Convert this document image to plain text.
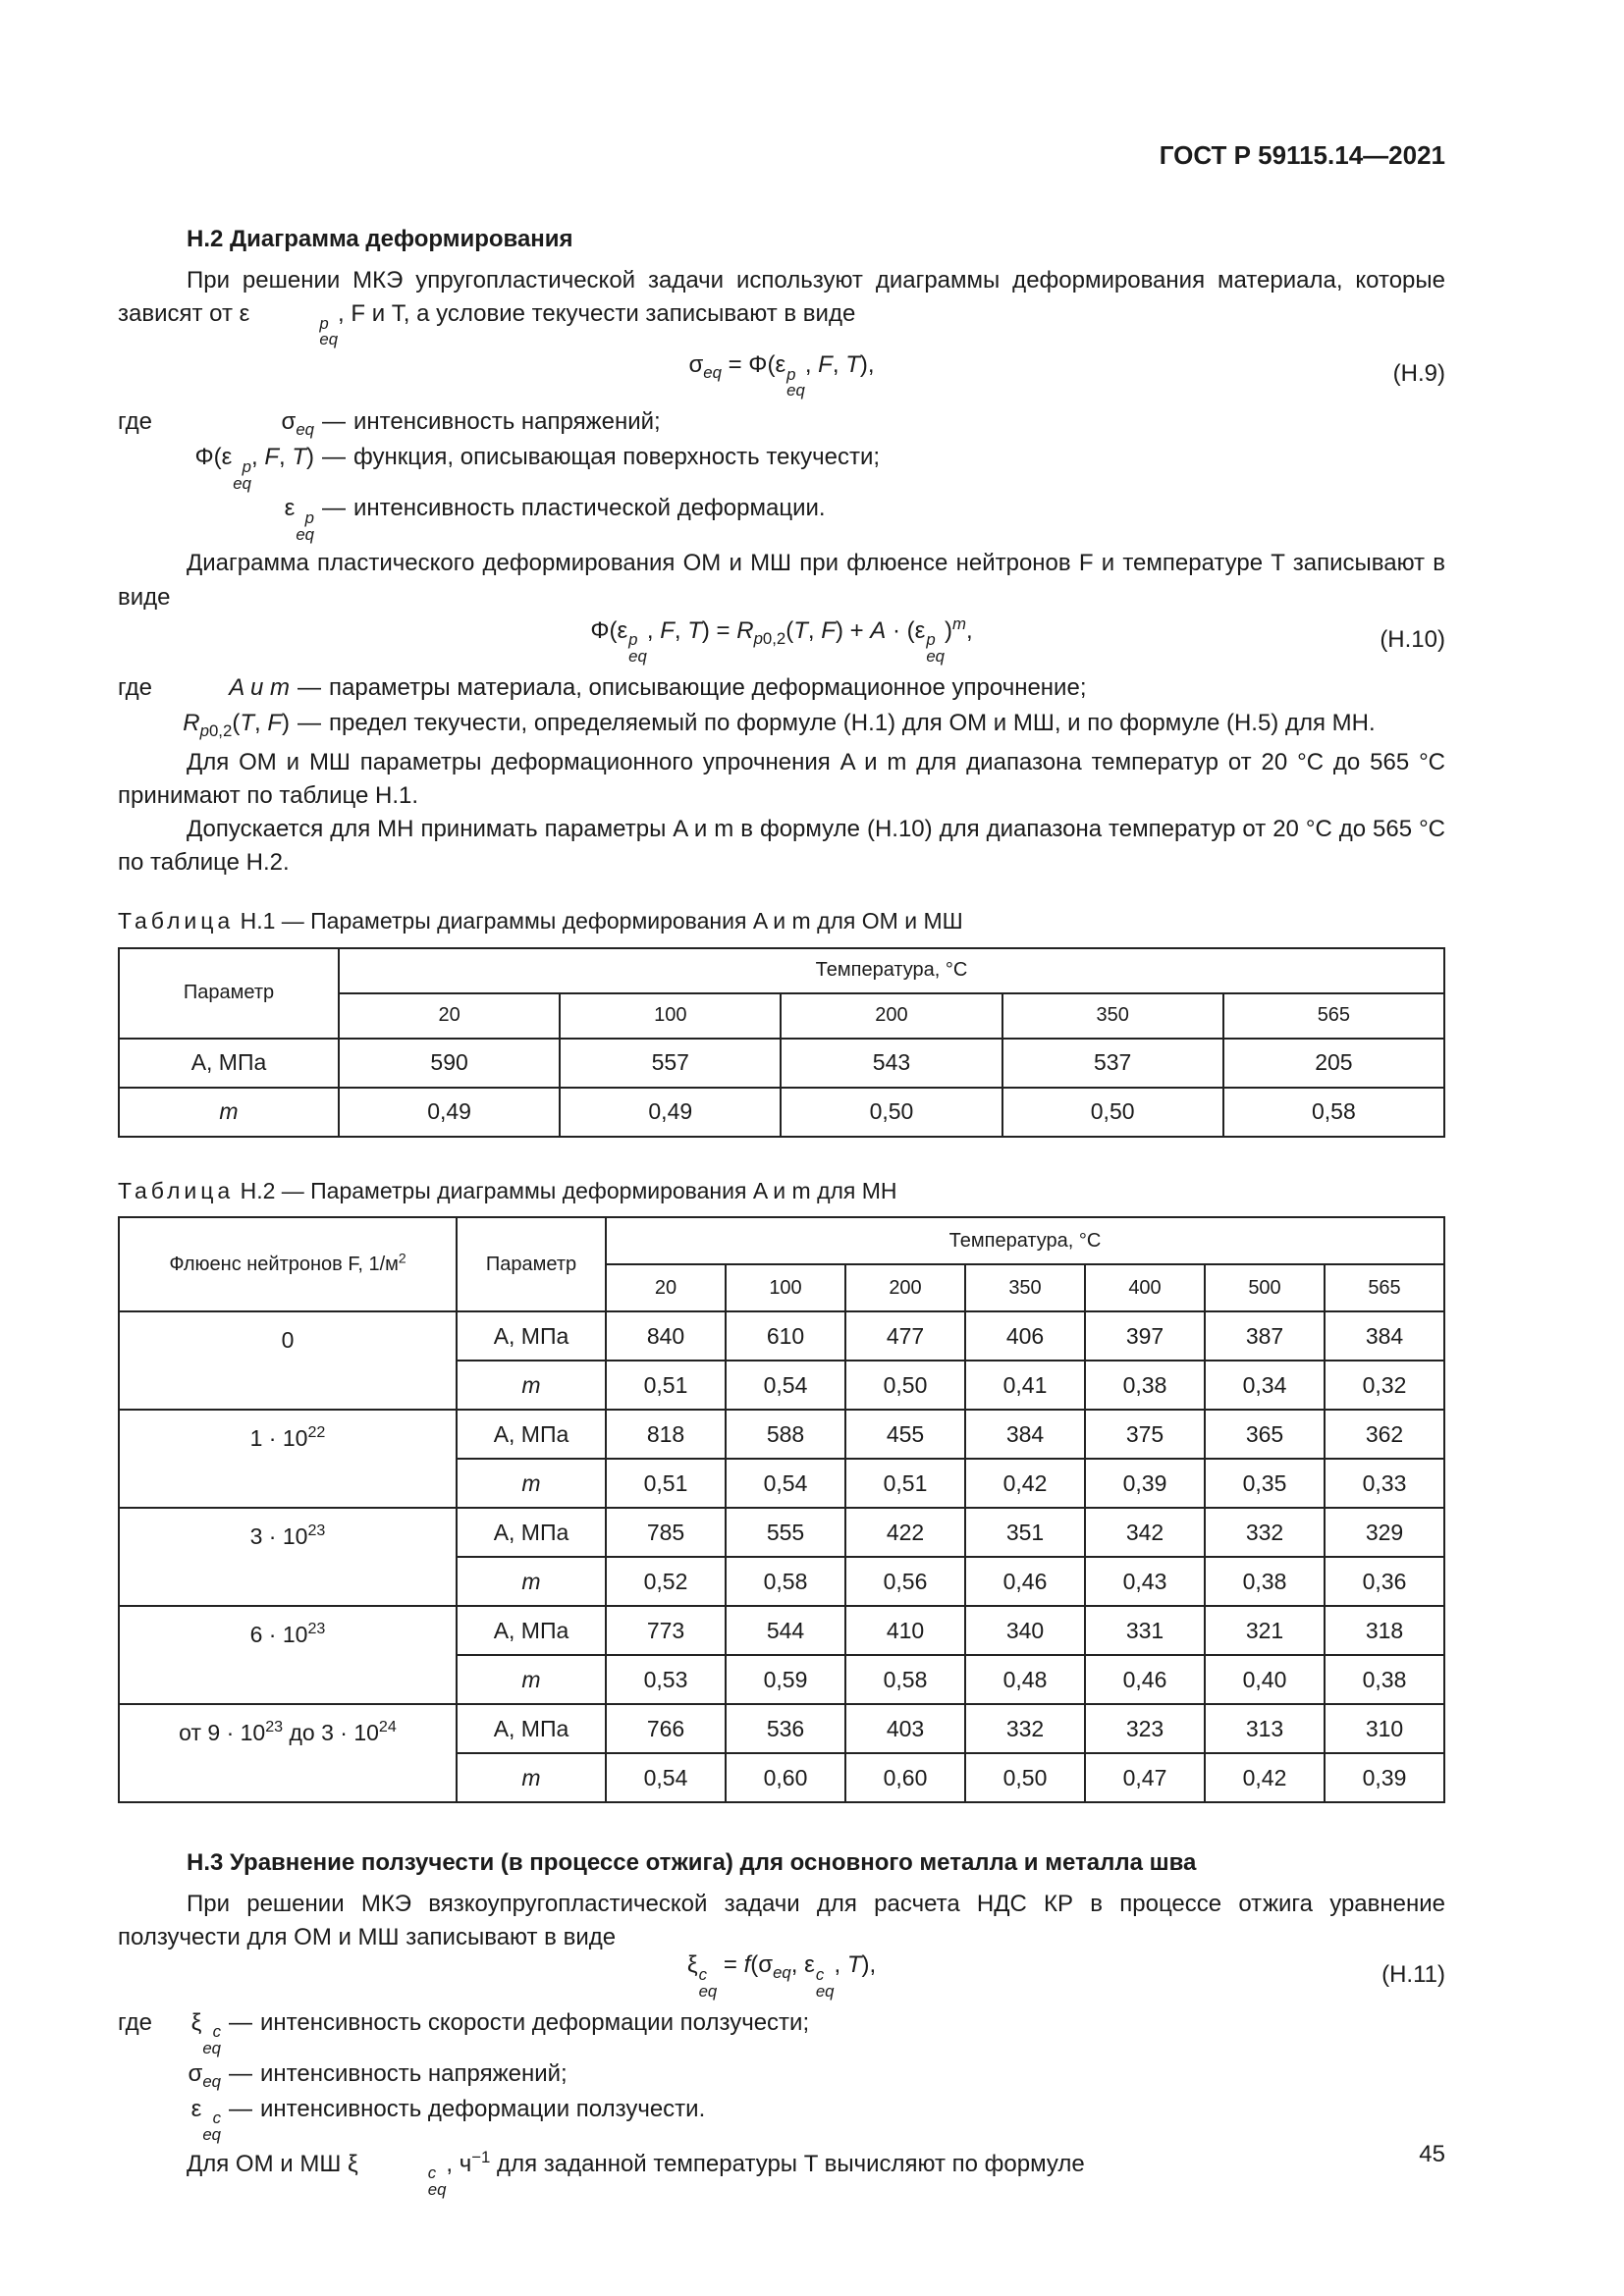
ГОСТ Р 59115.14—2021
Н.2 Диаграмма деформирования

При решении МКЭ упругопластической задачи используют диаграммы деформирования материала, которые зависят от ε	p
eq
, F и T, а условие текучести записывают в виде

$\sigma_{eq} = \Phi(\varepsilon$ p
eq
, F, T),	(Н.9)
где	$\sigma_{eq}$ — интенсивность напряжений;
Φ(ε p
eq
, F, T) — функция, описывающая поверхность текучести;
ε p
eq
— интенсивность пластической деформации.

Диаграмма пластического деформирования ОМ и МШ при флюенсе нейтронов F и температуре T записывают в виде

Φ(ε p
eq
, F, $T) = R_{p0,2}(T$, F) + A · (ε p
eq
)$^m$,	(Н.10)
где	A и m — параметры материала, описывающие деформационное упрочнение;
$R_{p0,2}(T$, F) — предел текучести, определяемый по формуле (Н.1) для ОМ и МШ, и по формуле (Н.5) для МН.

Для ОМ и МШ параметры деформационного упрочнения A и m для диапазона температур от 20 °С до 565 °С принимают по таблице Н.1.

Допускается для МН принимать параметры A и m в формуле (Н.10) для диапазона температур от 20 °С до 565 °С по таблице Н.2.

Таблица Н.1 — Параметры диаграммы деформирования A и m для ОМ и МШ
Параметр	Температура, °С				
	20	100	200	350	565
A, МПа	590	557	543	537	205
m	0,49	0,49	0,50	0,50	0,58
Таблица Н.2 — Параметры диаграммы деформирования A и m для МН
Флюенс нейтронов F, $1/м^2$	Параметр	Температура, °С						
		20	100	200	350	400	500	565
0	A, МПа	840	610	477	406	397	387	384
	m	0,51	0,54	0,50	0,41	0,38	0,34	0,32
$1 \cdot 10^{22}$	A, МПа	818	588	455	384	375	365	362
	m	0,51	0,54	0,51	0,42	0,39	0,35	0,33
$3 \cdot 10^{23}$	A, МПа	785	555	422	351	342	332	329
	m	0,52	0,58	0,56	0,46	0,43	0,38	0,36
$6 \cdot 10^{23}$	A, МПа	773	544	410	340	331	321	318
	m	0,53	0,59	0,58	0,48	0,46	0,40	0,38
от $9 \cdot 10^{23}$ до $3 \cdot 10^{24}$	A, МПа	766	536	403	332	323	313	310
	m	0,54	0,60	0,60	0,50	0,47	0,42	0,39
Н.3 Уравнение ползучести (в процессе отжига) для основного металла и металла шва

При решении МКЭ вязкоупругопластической задачи для расчета НДС КР в процессе отжига уравнение ползучести для ОМ и МШ записывают в виде

ξ c
eq
= $f(\sigma_{eq}$, ε c
eq
, T),	(Н.11)
где	ξ c
eq
— интенсивность скорости деформации ползучести;
$\sigma_{eq}$ — интенсивность напряжений;
ε c
eq
— интенсивность деформации ползучести.

Для ОМ и МШ ξ	c
eq
, $ч^{-1}$ для заданной температуры T вычисляют по формуле	45
